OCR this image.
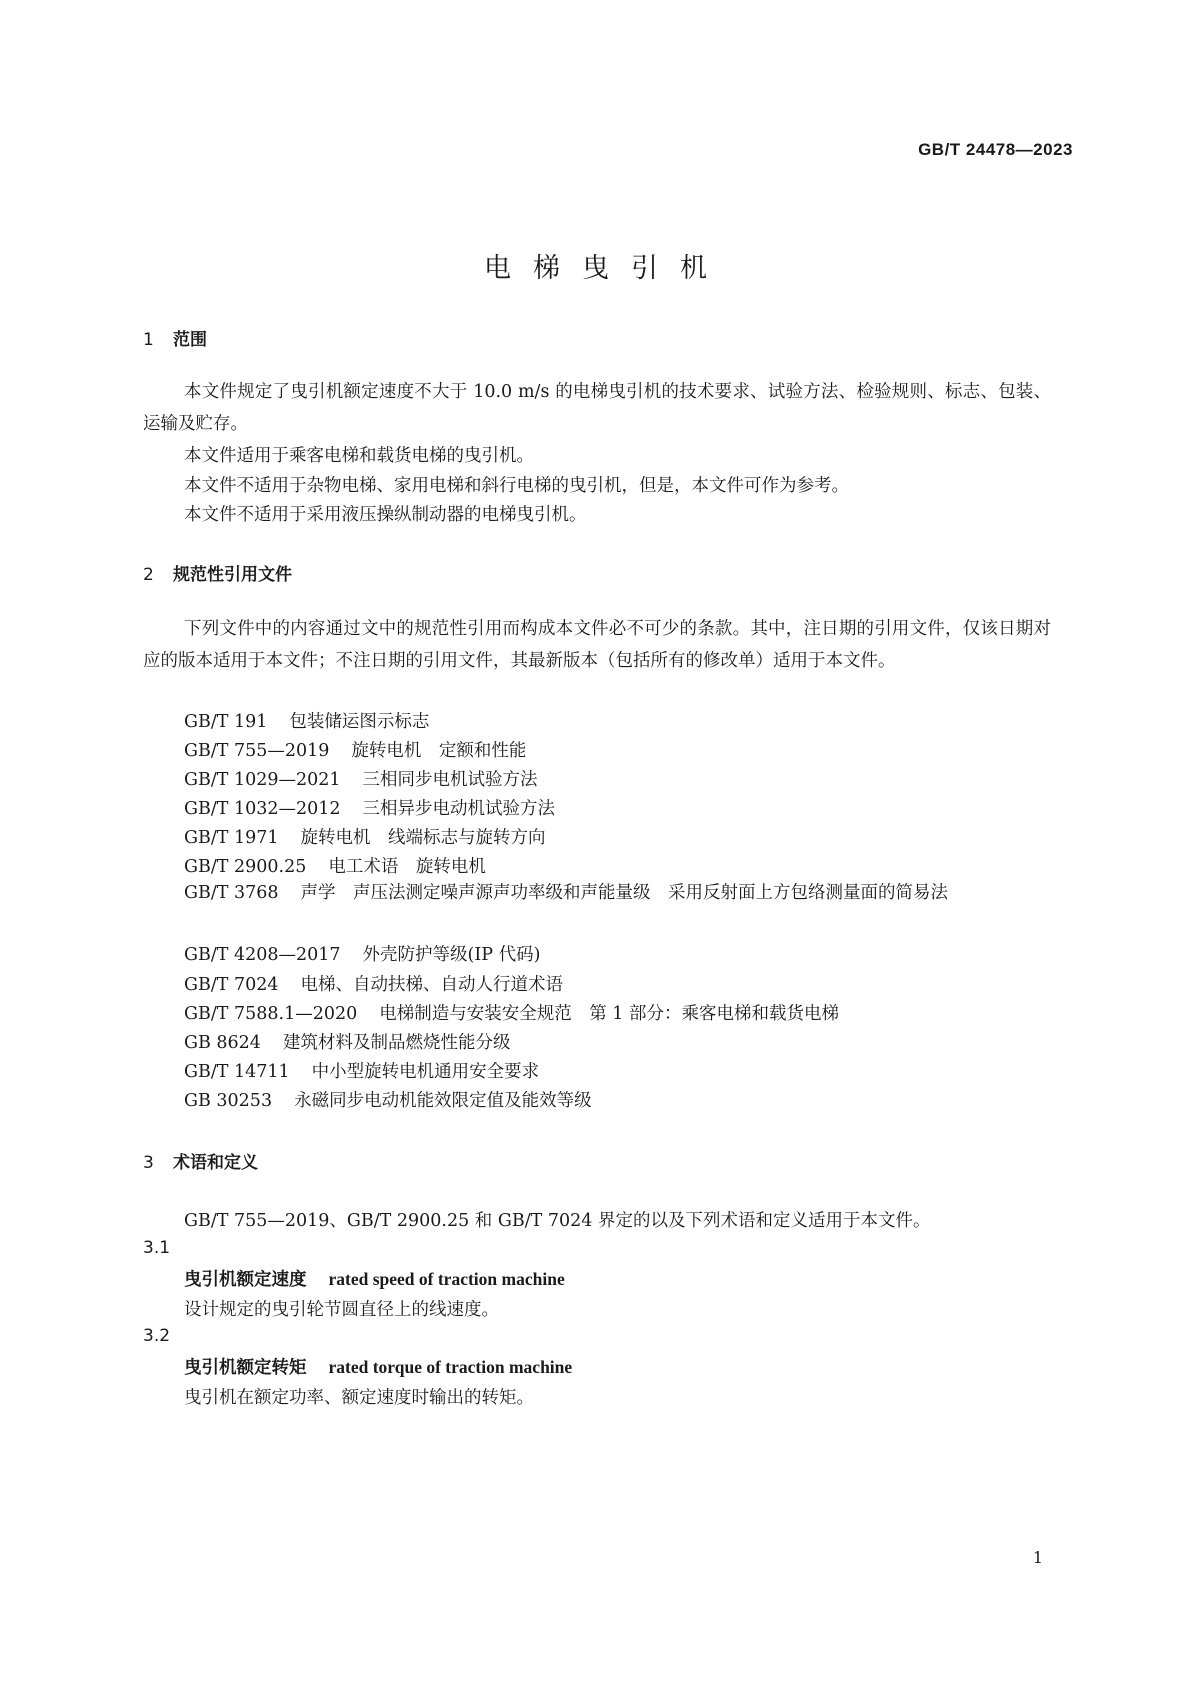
GB/T 24478—2023
电梯曳引机
1 范围

本文件规定了曳引机额定速度不大于 10.0 m/s 的电梯曳引机的技术要求、试验方法、检验规则、标志、包装、运输及贮存。

本文件适用于乘客电梯和载货电梯的曳引机。
本文件不适用于杂物电梯、家用电梯和斜行电梯的曳引机，但是，本文件可作为参考。
本文件不适用于采用液压操纵制动器的电梯曳引机。
2 规范性引用文件

下列文件中的内容通过文中的规范性引用而构成本文件必不可少的条款。其中，注日期的引用文件，仅该日期对应的版本适用于本文件；不注日期的引用文件，其最新版本（包括所有的修改单）适用于本文件。

GB/T 191 包装储运图示标志
GB/T 755—2019 旋转电机　定额和性能
GB/T 1029—2021 三相同步电机试验方法
GB/T 1032—2012 三相异步电动机试验方法
GB/T 1971 旋转电机　线端标志与旋转方向
GB/T 2900.25 电工术语　旋转电机

GB/T 3768 声学　声压法测定噪声源声功率级和声能量级　采用反射面上方包络测量面的简易法

GB/T 4208—2017 外壳防护等级(IP 代码)
GB/T 7024 电梯、自动扶梯、自动人行道术语
GB/T 7588.1—2020 电梯制造与安装安全规范　第 1 部分：乘客电梯和载货电梯
GB 8624 建筑材料及制品燃烧性能分级
GB/T 14711 中小型旋转电机通用安全要求
GB 30253 永磁同步电动机能效限定值及能效等级
3 术语和定义
GB/T 755—2019、GB/T 2900.25 和 GB/T 7024 界定的以及下列术语和定义适用于本文件。
3.1
曳引机额定速度 rated speed of traction machine
设计规定的曳引轮节圆直径上的线速度。
3.2
曳引机额定转矩 rated torque of traction machine
曳引机在额定功率、额定速度时输出的转矩。
1
